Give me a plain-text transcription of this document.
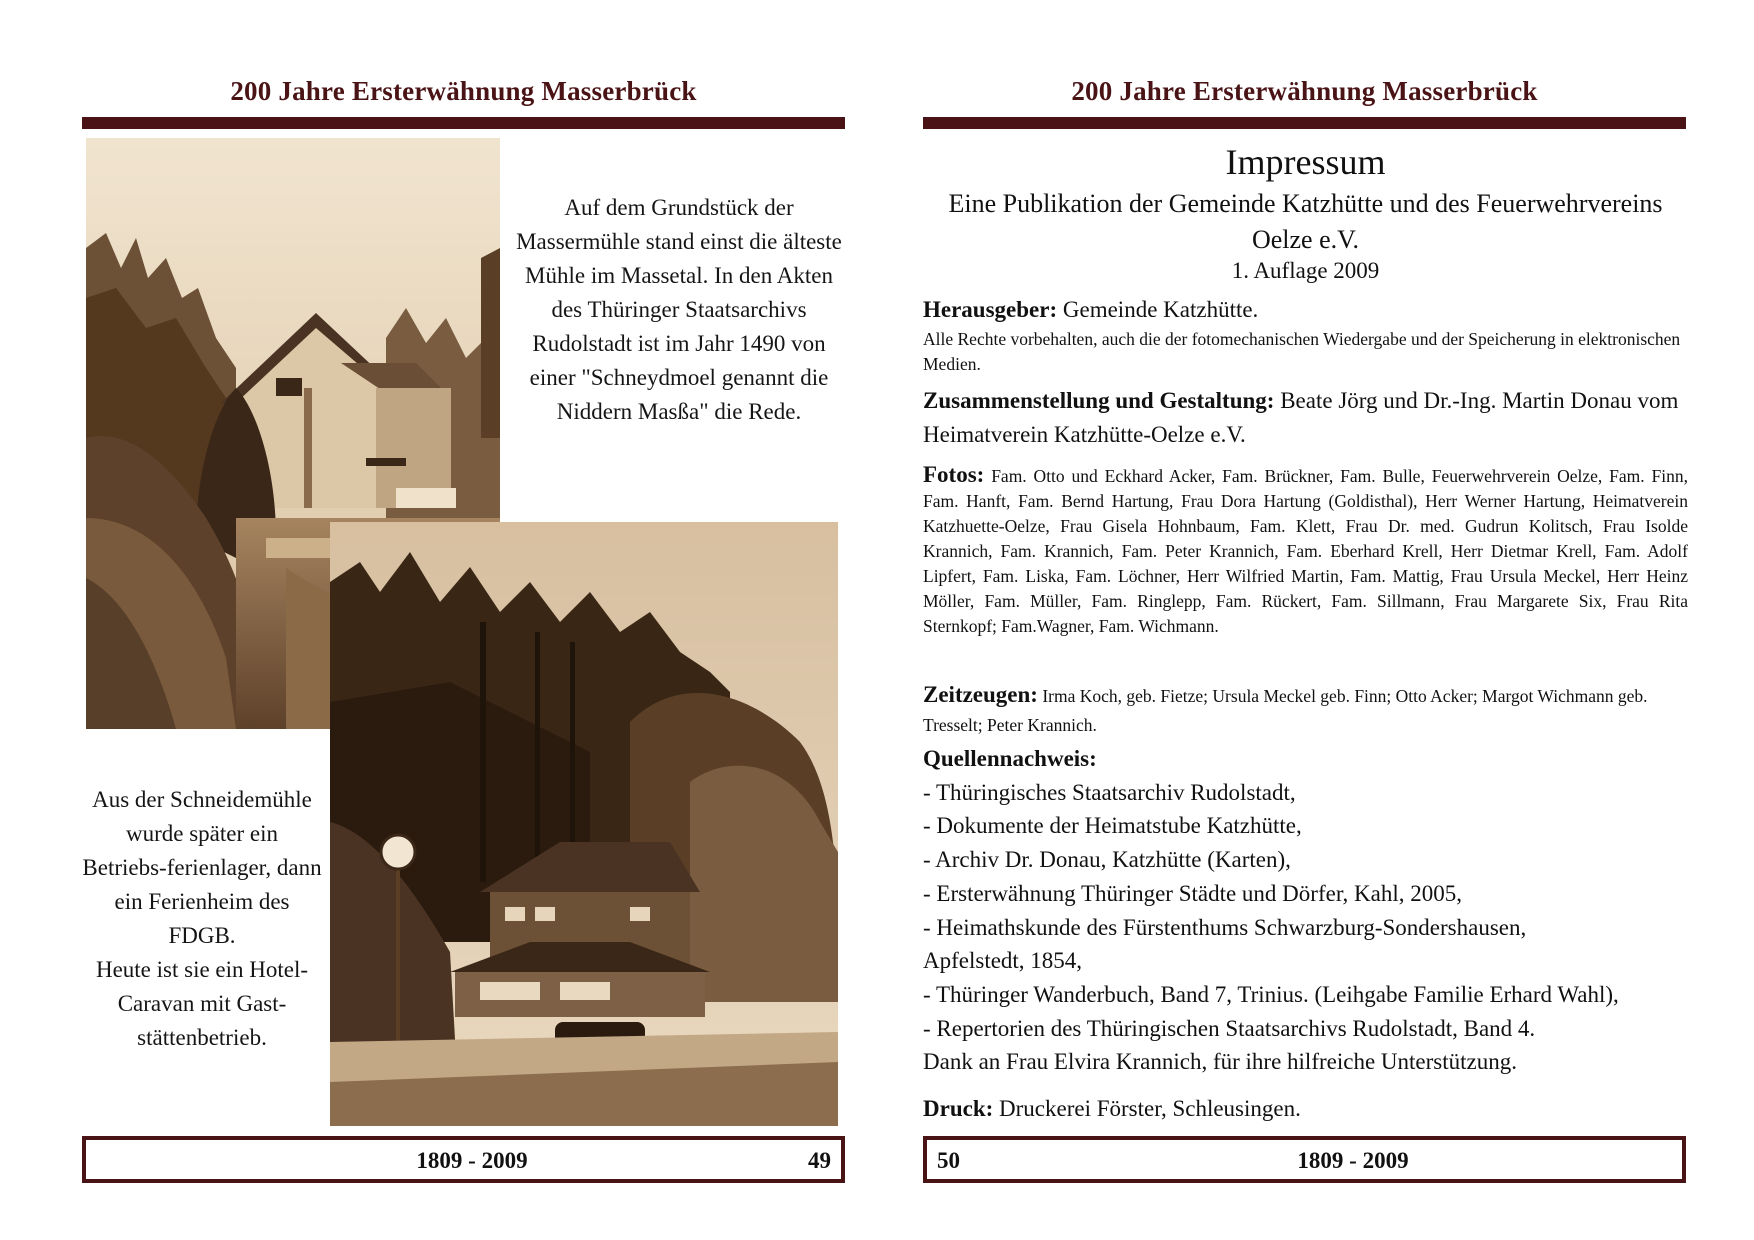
200 Jahre Ersterwähnung Masserbrück
Auf dem Grundstück der Massermühle stand einst die älteste Mühle im Massetal. In den Akten des Thüringer Staatsarchivs Rudolstadt ist im Jahr 1490 von einer "Schneydmoel genannt die Niddern Masßa" die Rede.
Aus der Schneidemühle wurde später ein Betriebs-ferienlager, dann ein Ferienheim des FDGB.
Heute ist sie ein Hotel-Caravan mit Gast-stättenbetrieb.
1809 - 2009	49
200 Jahre Ersterwähnung Masserbrück
Impressum
Eine Publikation der Gemeinde Katzhütte und des Feuerwehrvereins Oelze e.V.
1. Auflage 2009
Herausgeber: Gemeinde Katzhütte.
Alle Rechte vorbehalten, auch die der fotomechanischen Wiedergabe und der Speicherung in elektronischen Medien.
Zusammenstellung und Gestaltung: Beate Jörg und Dr.-Ing. Martin Donau vom Heimatverein Katzhütte-Oelze e.V.
Fotos: Fam. Otto und Eckhard Acker, Fam. Brückner, Fam. Bulle, Feuerwehrverein Oelze, Fam. Finn, Fam. Hanft, Fam. Bernd Hartung, Frau Dora Hartung (Goldisthal), Herr Werner Hartung, Heimatverein Katzhuette-Oelze, Frau Gisela Hohnbaum, Fam. Klett, Frau Dr. med. Gudrun Kolitsch, Frau Isolde Krannich, Fam. Krannich, Fam. Peter Krannich, Fam. Eberhard Krell, Herr Dietmar Krell, Fam. Adolf Lipfert, Fam. Liska, Fam. Löchner, Herr Wilfried Martin, Fam. Mattig, Frau Ursula Meckel, Herr Heinz Möller, Fam. Müller, Fam. Ringlepp, Fam. Rückert, Fam. Sillmann, Frau Margarete Six, Frau Rita Sternkopf; Fam.Wagner, Fam. Wichmann.
Zeitzeugen: Irma Koch, geb. Fietze; Ursula Meckel geb. Finn; Otto Acker; Margot Wichmann geb. Tresselt; Peter Krannich.
Quellennachweis:
- Thüringisches Staatsarchiv Rudolstadt,
- Dokumente der Heimatstube Katzhütte,
- Archiv Dr. Donau, Katzhütte (Karten),
- Ersterwähnung Thüringer Städte und Dörfer, Kahl, 2005,
- Heimathskunde des Fürstenthums Schwarzburg-Sondershausen,
Apfelstedt, 1854,
- Thüringer Wanderbuch, Band 7, Trinius. (Leihgabe Familie Erhard Wahl),
- Repertorien des Thüringischen Staatsarchivs Rudolstadt, Band 4.
Dank an Frau Elvira Krannich, für ihre hilfreiche Unterstützung.
Druck: Druckerei Förster, Schleusingen.
50	1809 - 2009
